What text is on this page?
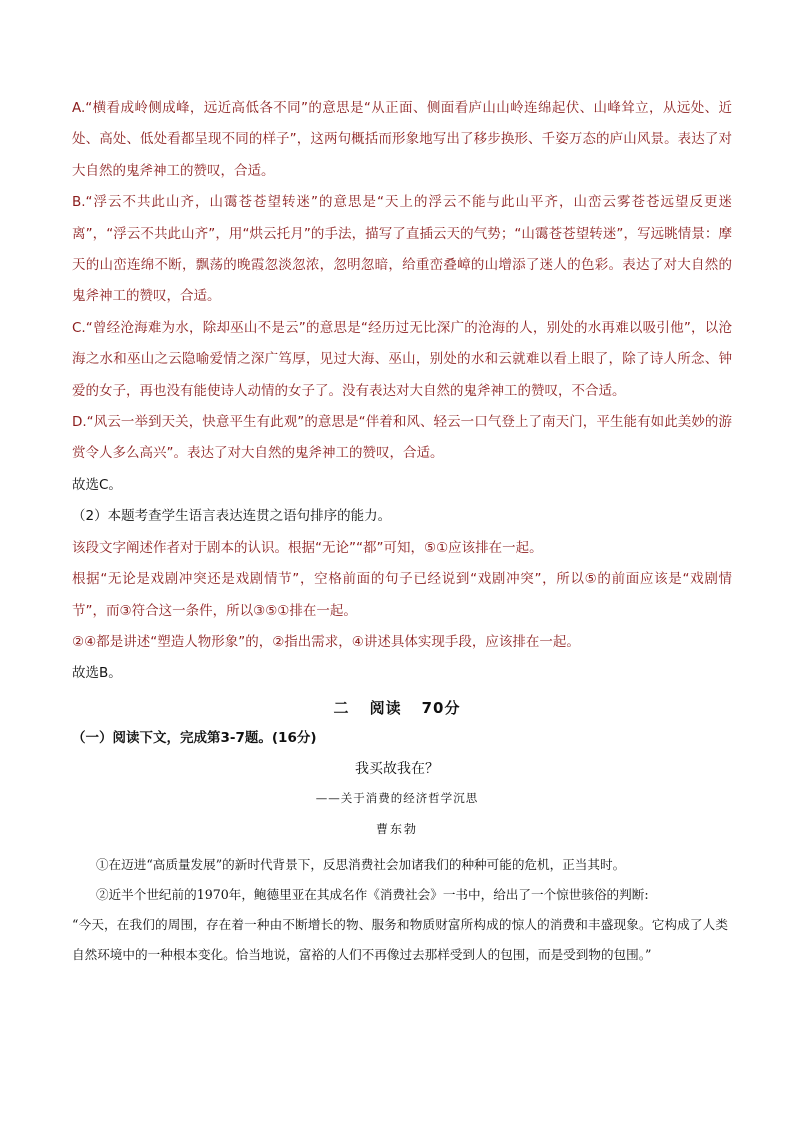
A.“横看成岭侧成峰，远近高低各不同”的意思是“从正面、侧面看庐山山岭连绵起伏、山峰耸立，从远处、近处、高处、低处看都呈现不同的样子”，这两句概括而形象地写出了移步换形、千姿万态的庐山风景。表达了对大自然的鬼斧神工的赞叹，合适。

B.“浮云不共此山齐，山霭苍苍望转迷”的意思是“天上的浮云不能与此山平齐，山峦云雾苍苍远望反更迷离”，“浮云不共此山齐”，用“烘云托月”的手法，描写了直插云天的气势；“山霭苍苍望转迷”，写远眺情景：摩天的山峦连绵不断，飘荡的晚霞忽淡忽浓，忽明忽暗，给重峦叠嶂的山增添了迷人的色彩。表达了对大自然的鬼斧神工的赞叹，合适。

C.“曾经沧海难为水，除却巫山不是云”的意思是“经历过无比深广的沧海的人，别处的水再难以吸引他”，以沧海之水和巫山之云隐喻爱情之深广笃厚，见过大海、巫山，别处的水和云就难以看上眼了，除了诗人所念、钟爱的女子，再也没有能使诗人动情的女子了。没有表达对大自然的鬼斧神工的赞叹，不合适。

D.“风云一举到天关，快意平生有此观”的意思是“伴着和风、轻云一口气登上了南天门，平生能有如此美妙的游赏令人多么高兴”。表达了对大自然的鬼斧神工的赞叹，合适。

故选C。

（2）本题考查学生语言表达连贯之语句排序的能力。

该段文字阐述作者对于剧本的认识。根据“无论”“都”可知，⑤①应该排在一起。

根据“无论是戏剧冲突还是戏剧情节”，空格前面的句子已经说到“戏剧冲突”，所以⑤的前面应该是“戏剧情节”，而③符合这一条件，所以③⑤①排在一起。

②④都是讲述“塑造人物形象”的，②指出需求，④讲述具体实现手段，应该排在一起。

故选B。

二 阅读 70分
（一）阅读下文，完成第3-7题。(16分)
我买故我在？
——关于消费的经济哲学沉思
曹东勃

①在迈进“高质量发展”的新时代背景下，反思消费社会加诸我们的种种可能的危机，正当其时。

②近半个世纪前的1970年，鲍德里亚在其成名作《消费社会》一书中，给出了一个惊世骇俗的判断:

“今天，在我们的周围，存在着一种由不断增长的物、服务和物质财富所构成的惊人的消费和丰盛现象。它构成了人类自然环境中的一种根本变化。恰当地说，富裕的人们不再像过去那样受到人的包围，而是受到物的包围。”
